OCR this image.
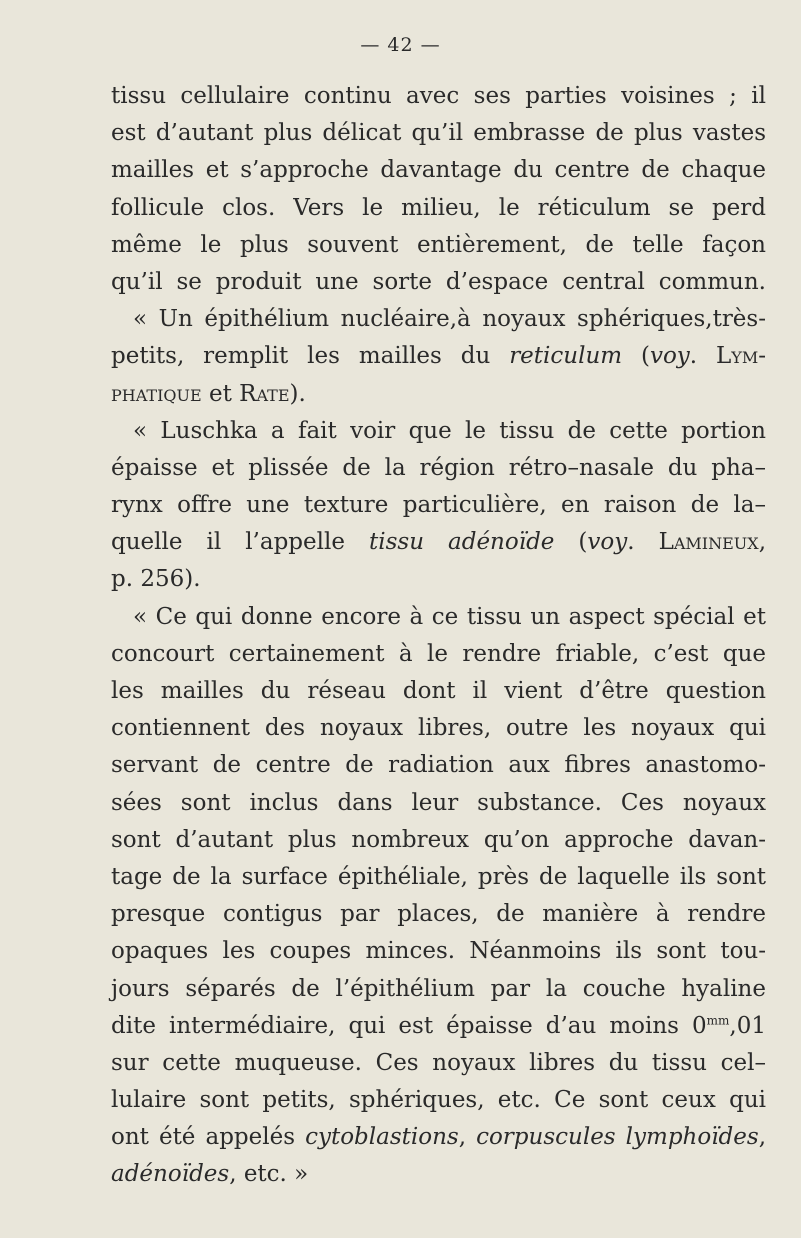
— 42 —
tissu cellulaire continu avec ses parties voisines ; il
est d’autant plus délicat qu’il embrasse de plus vastes
mailles et s’approche davantage du centre de chaque
follicule clos. Vers le milieu, le réticulum se perd
même le plus souvent entièrement, de telle façon
qu’il se produit une sorte d’espace central commun.
« Un épithélium nucléaire,à noyaux sphériques,très-
petits, remplit les mailles du reticulum (voy. Lym-
phatique et Rate).
« Luschka a fait voir que le tissu de cette portion
épaisse et plissée de la région rétro–nasale du pha–
rynx offre une texture particulière, en raison de la–
quelle il l’appelle tissu adénoïde (voy. Lamineux,
p. 256).
« Ce qui donne encore à ce tissu un aspect spécial et
concourt certainement à le rendre friable, c’est que
les mailles du réseau dont il vient d’être question
contiennent des noyaux libres, outre les noyaux qui
servant de centre de radiation aux fibres anastomo-
sées sont inclus dans leur substance. Ces noyaux
sont d’autant plus nombreux qu’on approche davan-
tage de la surface épithéliale, près de laquelle ils sont
presque contigus par places, de manière à rendre
opaques les coupes minces. Néanmoins ils sont tou-
jours séparés de l’épithélium par la couche hyaline
dite intermédiaire, qui est épaisse d’au moins $0^{mm},01$
sur cette muqueuse. Ces noyaux libres du tissu cel–
lulaire sont petits, sphériques, etc. Ce sont ceux qui
ont été appelés cytoblastions, corpuscules lymphoïdes,
adénoïdes, etc. »
